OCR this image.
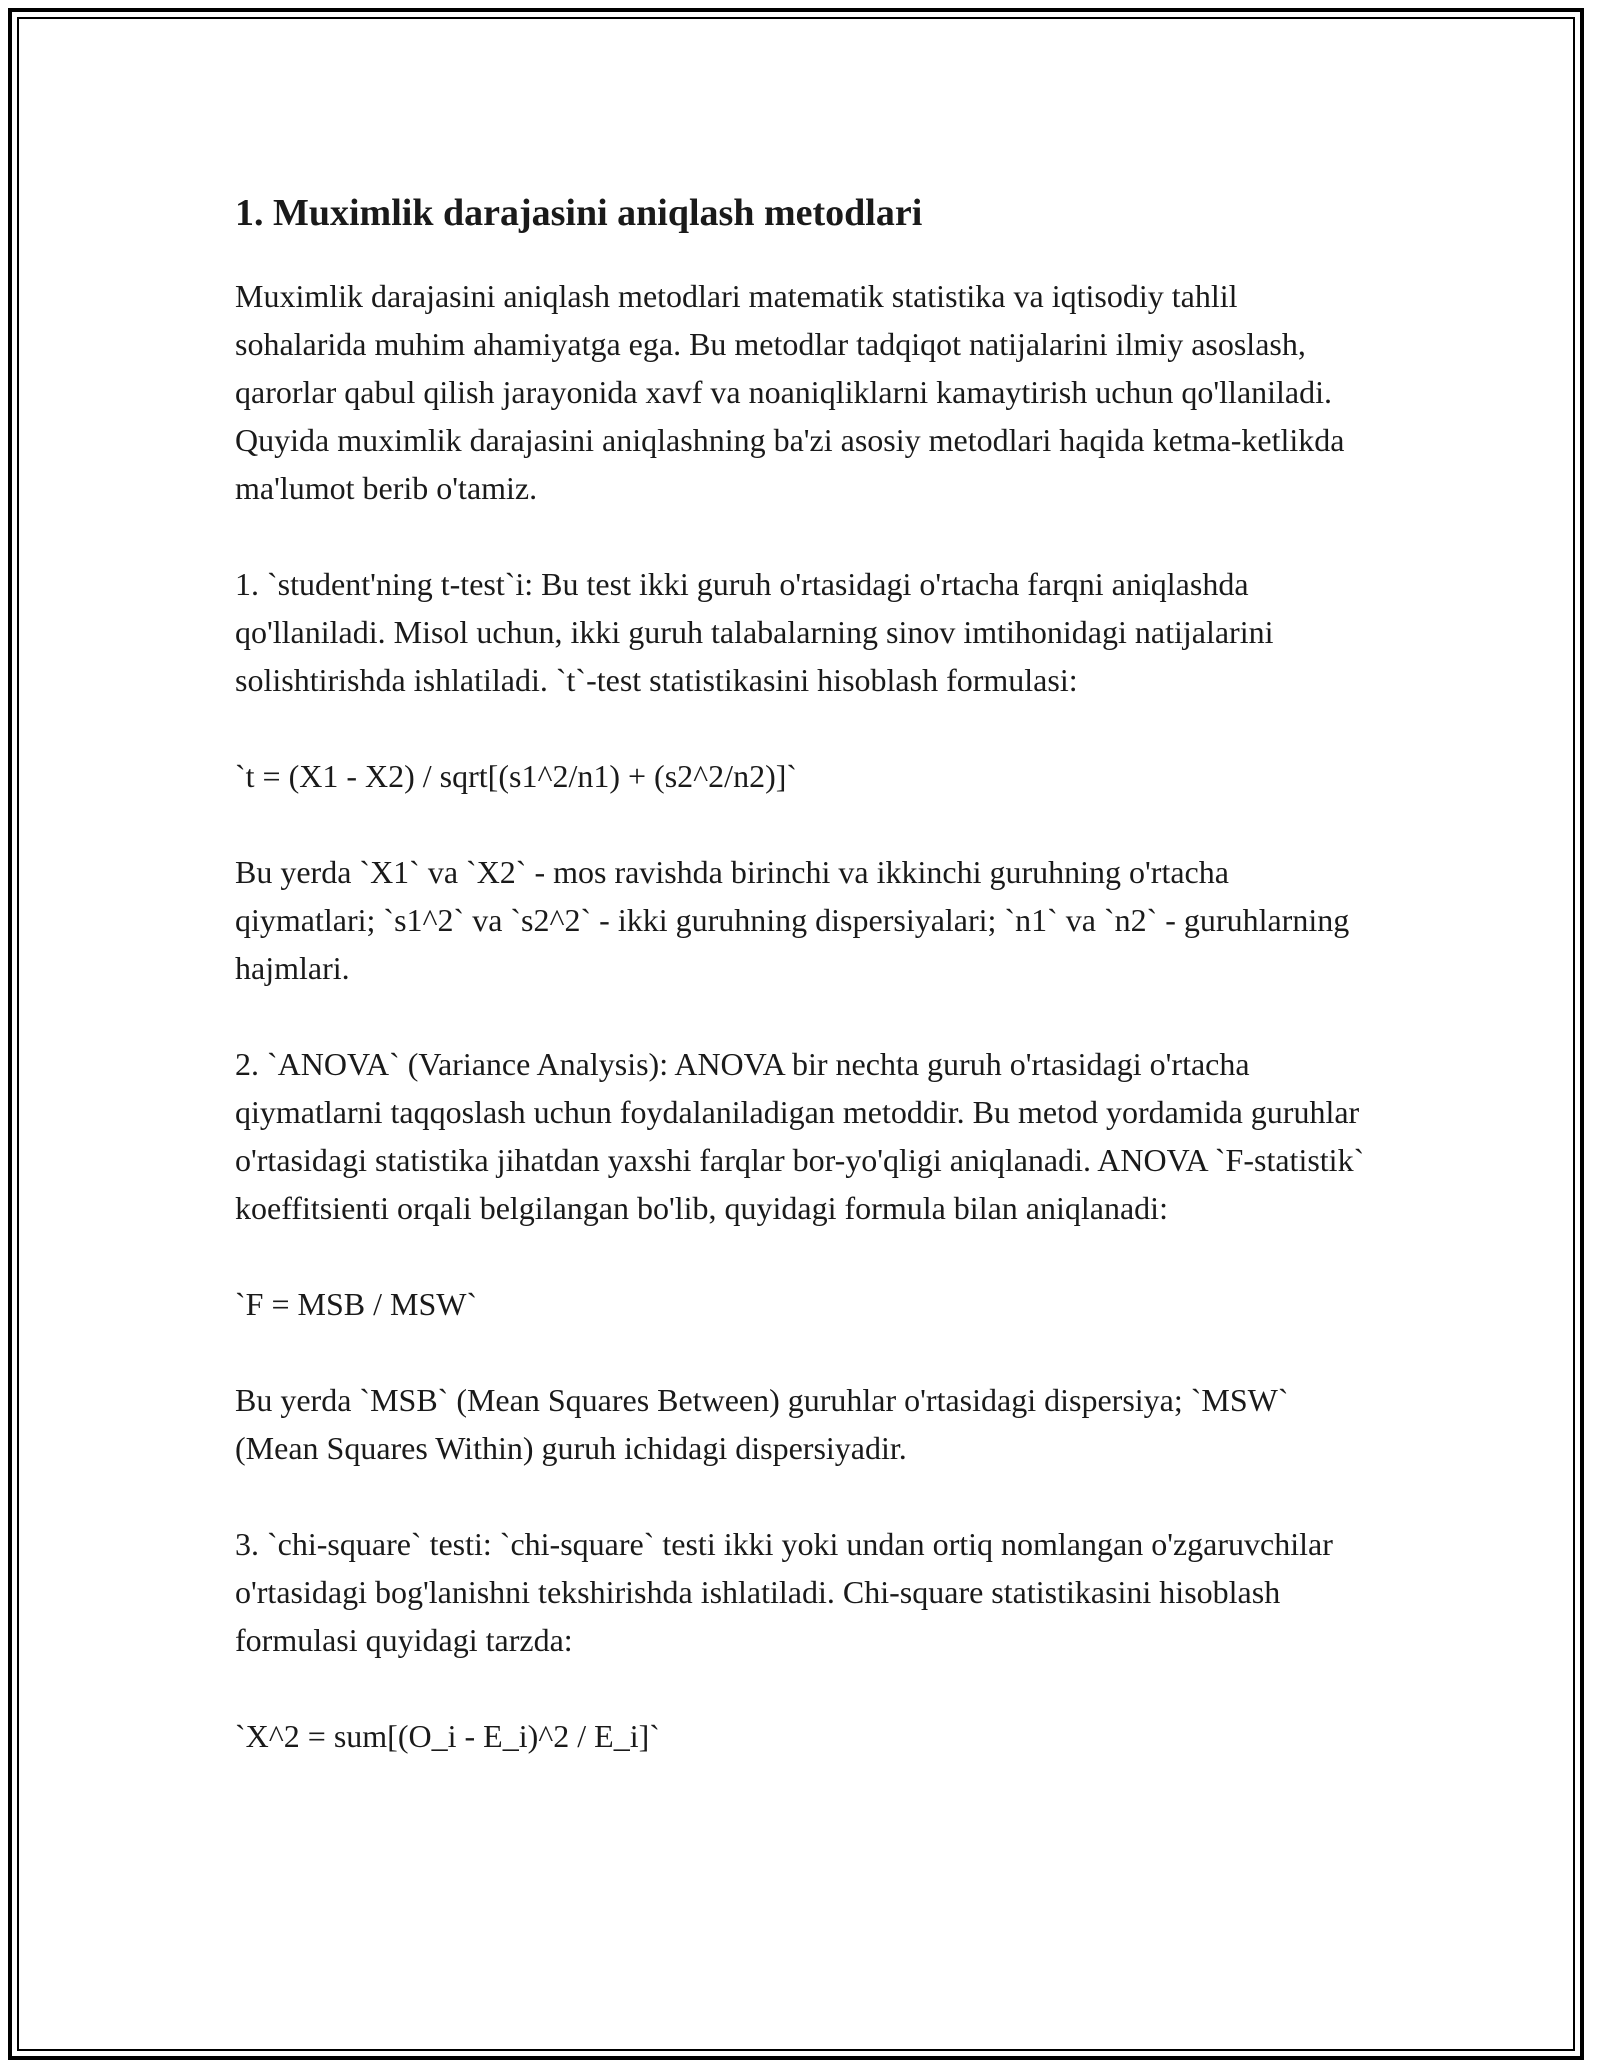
1. Muximlik darajasini aniqlash metodlari

Muximlik darajasini aniqlash metodlari matematik statistika va iqtisodiy tahlil sohalarida muhim ahamiyatga ega. Bu metodlar tadqiqot natijalarini ilmiy asoslash, qarorlar qabul qilish jarayonida xavf va noaniqliklarni kamaytirish uchun qo'llaniladi. Quyida muximlik darajasini aniqlashning ba'zi asosiy metodlari haqida ketma-ketlikda ma'lumot berib o'tamiz.

1. `student'ning t-test`i: Bu test ikki guruh o'rtasidagi o'rtacha farqni aniqlashda qo'llaniladi. Misol uchun, ikki guruh talabalarning sinov imtihonidagi natijalarini solishtirishda ishlatiladi. `t`-test statistikasini hisoblash formulasi:

`t = (X1 - X2) / sqrt[(s1^2/n1) + (s2^2/n2)]`

Bu yerda `X1` va `X2` - mos ravishda birinchi va ikkinchi guruhning o'rtacha qiymatlari; `s1^2` va `s2^2` - ikki guruhning dispersiyalari; `n1` va `n2` - guruhlarning hajmlari.

2. `ANOVA` (Variance Analysis): ANOVA bir nechta guruh o'rtasidagi o'rtacha qiymatlarni taqqoslash uchun foydalaniladigan metoddir. Bu metod yordamida guruhlar o'rtasidagi statistika jihatdan yaxshi farqlar bor-yo'qligi aniqlanadi. ANOVA `F-statistik` koeffitsienti orqali belgilangan bo'lib, quyidagi formula bilan aniqlanadi:

`F = MSB / MSW`

Bu yerda `MSB` (Mean Squares Between) guruhlar o'rtasidagi dispersiya; `MSW` (Mean Squares Within) guruh ichidagi dispersiyadir.

3. `chi-square` testi: `chi-square` testi ikki yoki undan ortiq nomlangan o'zgaruvchilar o'rtasidagi bog'lanishni tekshirishda ishlatiladi. Chi-square statistikasini hisoblash formulasi quyidagi tarzda:

`X^2 = sum[(O_i - E_i)^2 / E_i]`
